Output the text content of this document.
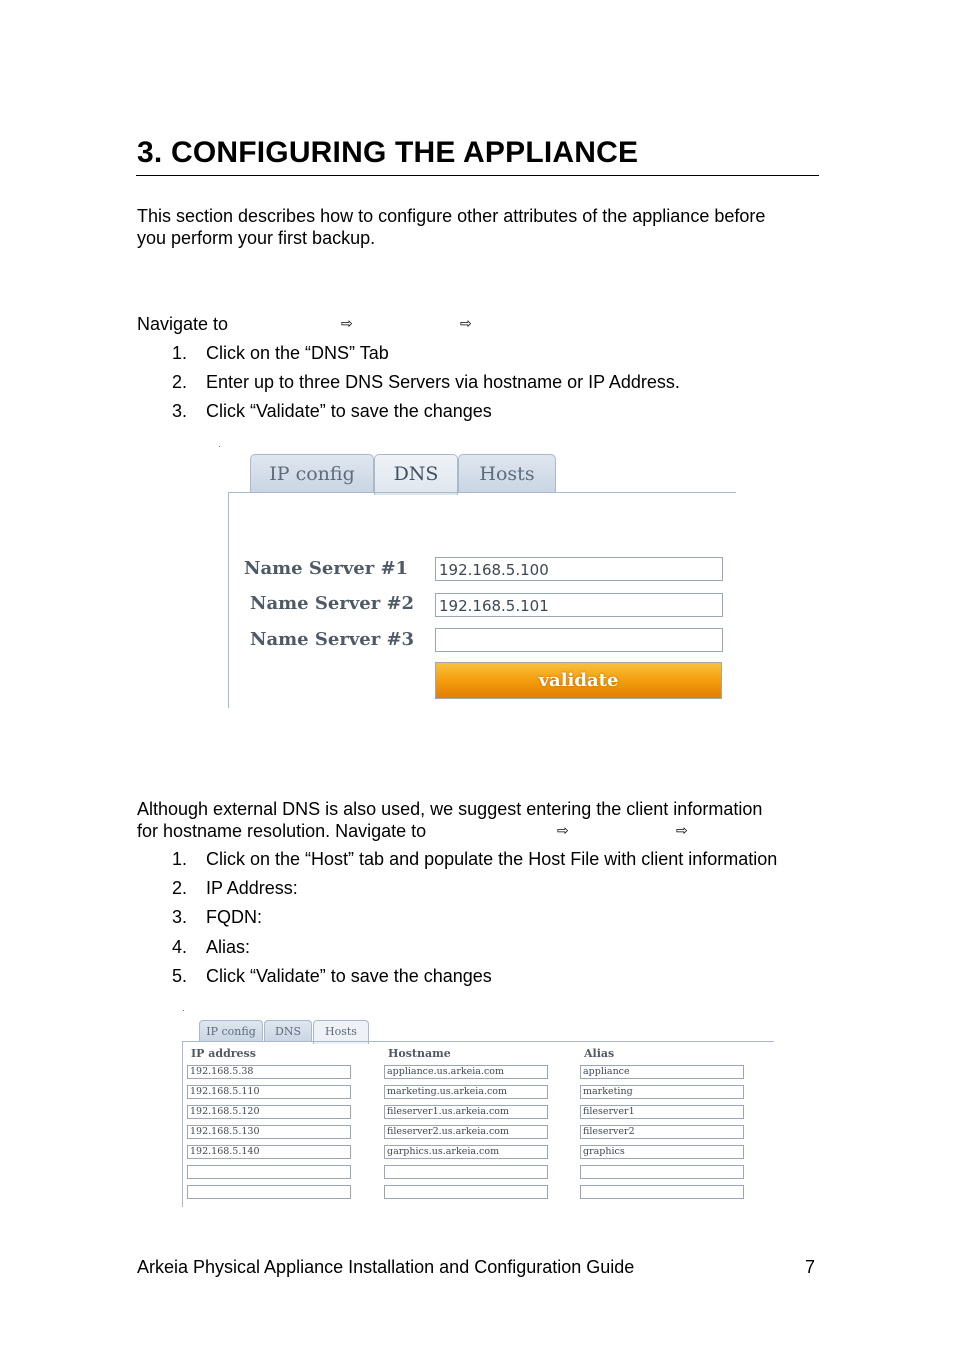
3. CONFIGURING THE APPLIANCE
This section describes how to configure other attributes of the appliance before
you perform your first backup.
Navigate to	⇨	⇨
1. Click on the “DNS” Tab
2. Enter up to three DNS Servers via hostname or IP Address.
3. Click “Validate” to save the changes
IP config	DNS	Hosts
Name Server #1 192.168.5.100
Name Server #2 192.168.5.101
Name Server #3
validate
Although external DNS is also used, we suggest entering the client information
for hostname resolution. Navigate to	⇨	⇨
1. Click on the “Host” tab and populate the Host File with client information
2. IP Address:
3. FQDN:
4. Alias:
5. Click “Validate” to save the changes
IP config	DNS	Hosts
IP address	Hostname	Alias
192.168.5.38	appliance.us.arkeia.com	appliance
192.168.5.110	marketing.us.arkeia.com	marketing
192.168.5.120	fileserver1.us.arkeia.com	fileserver1
192.168.5.130	fileserver2.us.arkeia.com	fileserver2
192.168.5.140	garphics.us.arkeia.com	graphics
Arkeia Physical Appliance Installation and Configuration Guide	7
